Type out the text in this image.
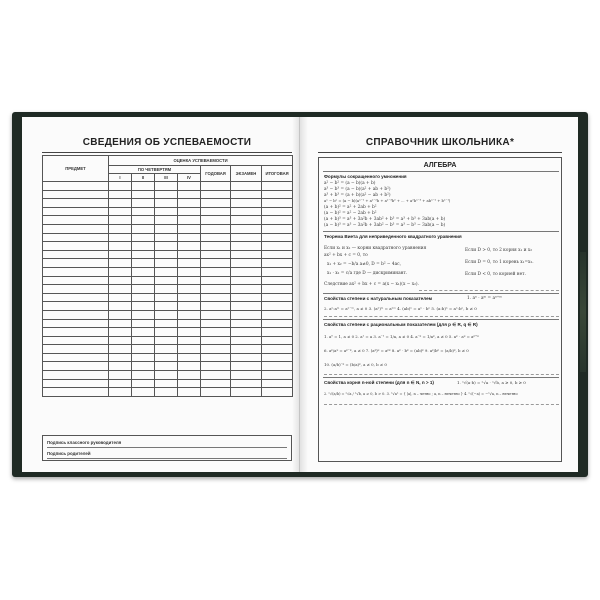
СВЕДЕНИЯ ОБ УСПЕВАЕМОСТИ
ПРЕДМЕТ	ОЦЕНКА УСПЕВАЕМОСТИ						
	ПО ЧЕТВЕРТЯМ				ГОДОВАЯ	ЭКЗАМЕН	ИТОГОВАЯ
	I	II	III	IV			

Подпись классного руководителя
Подпись родителей
СПРАВОЧНИК ШКОЛЬНИКА*
АЛГЕБРА
Формулы сокращенного умножения
a² − b² = (a − b)(a + b)
a³ − b³ = (a − b)(a² + ab + b²)
a³ + b³ = (a + b)(a² − ab + b²)
aⁿ − bⁿ = (a − b)(aⁿ⁻¹ + aⁿ⁻²b + aⁿ⁻³b² + ... + a²bⁿ⁻³ + abⁿ⁻² + bⁿ⁻¹)
(a + b)² = a² + 2ab + b²
(a − b)² = a² − 2ab + b²
(a + b)³ = a³ + 3a²b + 3ab² + b³ = a³ + b³ + 3ab(a + b)
(a − b)³ = a³ − 3a²b + 3ab² − b³ = a³ − b³ − 3ab(a − b)
Теорема Виета для неприведенного квадратного уравнения
Если x₁ и x₂ — корни квадратного уравнения
ax² + bx + c = 0, то
x₁ + x₂ = −b/a a≠0, D = b² − 4ac,
x₁ · x₂ = c/a где D — дискриминант.
Следствие ax² + bx + c = a(x − x₁)(x − x₂).
Если D > 0, то 2 корня x₁ и x₂
Если D = 0, то 1 корень x₁=x₂.
Если D < 0, то корней нет.
Свойства степени с натуральным показателем	1. aⁿ · aᵐ = aⁿ⁺ᵐ
2. aⁿ:aᵐ = aⁿ⁻ᵐ, a ≠ 0 3. (aⁿ)ᵐ = aⁿᵐ 4. (ab)ⁿ = aⁿ · bⁿ 5. (a:b)ⁿ = aⁿ:bⁿ, b ≠ 0
Свойства степени с рациональным показателем (для p ∈ R, q ∈ R)
1. a⁰ = 1, a ≠ 0 2. a¹ = a 3. a⁻¹ = 1/a, a ≠ 0 4. a⁻ᵖ = 1/aᵖ, a ≠ 0 5. aᵖ · aᵠ = aᵖ⁺ᵠ
6. aᵖ/aᵠ = aᵖ⁻ᵠ, a ≠ 0 7. (aᵖ)ᵠ = aᵖᵠ 8. aᵖ · bᵖ = (ab)ᵖ 9. aᵖ/bᵖ = (a/b)ᵖ, b ≠ 0
10. (a/b)⁻ᵖ = (b/a)ᵖ, a ≠ 0, b ≠ 0
Свойства корня n-ной степени (для n ∈ N, n > 1)	1. ⁿ√(a·b) = ⁿ√a · ⁿ√b, a ≥ 0, b ≥ 0
2. ⁿ√(a/b) = ⁿ√a / ⁿ√b, a ≥ 0, b > 0. 3. ⁿ√aⁿ = { |a|, n – четно ; a, n – нечетно } 4. ⁿ√(−a) = −ⁿ√a, n – нечетно
